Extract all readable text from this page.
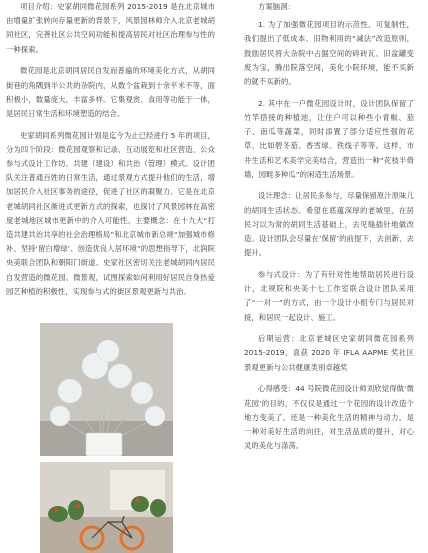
项目介绍：史家胡同微花园系列 2015-2019 是在北京城市由增量扩张转向存量更新的背景下，风景园林师介入北京老城胡同社区，完善社区公共空间功能和提高居民对社区治理参与性的一种探索。

微花园是北京胡同居民自发而普遍的环境美化方式，从胡同街巷的角隅到半公共的杂院内，从数个盆栽到十余平米不等，面积极小，数量庞大，丰富多样。它集观赏、食用等功能于一体，是居民日常生活和环境塑造的结合。

史家胡同系列微花园计划是迄今为止已经进行 5 年的项目，分为四个阶段：微花园观察和记录、互动展览和社区营造、公众参与式设计工作坊、共建（建设）和共治（管理）模式。设计团队关注普通百姓的日常生活，通过景观方式提升他们的生活，增加居民介入社区事务的途径，促进了社区的凝聚力。它是在北京老城胡同社区渐进式更新方式的探索，也探讨了风景园林在高密度老城地区城市更新中的介入可能性。主要概念：在十九大“打造共建共治共享的社会治理格局”和北京城市新总规“加强城市修补、坚持‘留白增绿’、创造优良人居环境”的思想指导下，北润院央美联合团队和朝阳门街道、史家社区密切关注老城胡同内居民自发营造的微花园、微景观，试图探索如何利用好居民自身热爱园艺种植的积极性，实现参与式的街区景观更新与共治。

方案脑洞：

1. 为了加强微花园项目的示范性、可复制性，我们提出了低成本、旧物利用的“减法”改造原则，鼓励居民将大杂院中占据空间的碎砖瓦、旧盆罐变废为宝，腾出院落空间，美化小院环境，能不买新的就不买新的。

2. 其中在一户微花园设计时，设计团队保留了竹竿搭接的种植池，让住户可以种些小青椒、茄子、南瓜等蔬菜，同时添置了部分适应性强的花草，比如碧冬茄、香雪球、铁线子等等。这样，市井生活和艺术美学完美结合，营造出一种“花枝半倚墙，园畦多种瓜”的闲适生活场景。

设计理念：让居民多参与，尽量保留原汁原味儿的胡同生活状态。希望在底蕴深厚的老城里，在居民习以为常的胡同生活基础上，去见缝插针地做改造。设计团队会尽量在‘保留’的前提下，去创新，去提升。

参与式设计：为了有针对性地帮助居民进行设计，北规院和央美十七工作室联合设计团队采用了“一对一”的方式，由一个设计小组专门与居民对接，和居民一起设计、施工。

后期运营：北京老城区史家胡同微花园系列 2015-2019，喜获 2020 年 IFLA AAPME 奖社区景观更新与公共健康类别卓越奖

心得感受：44 号院微花园设计师刘欣觉得做‘微花园’的目的，不仅仅是通过一个花园的设计改造个地方变美了，还是一种美化生活的精神与动力，是一种对美好生活的向往，对生活品质的提升，对心灵的美化与涤荡。
